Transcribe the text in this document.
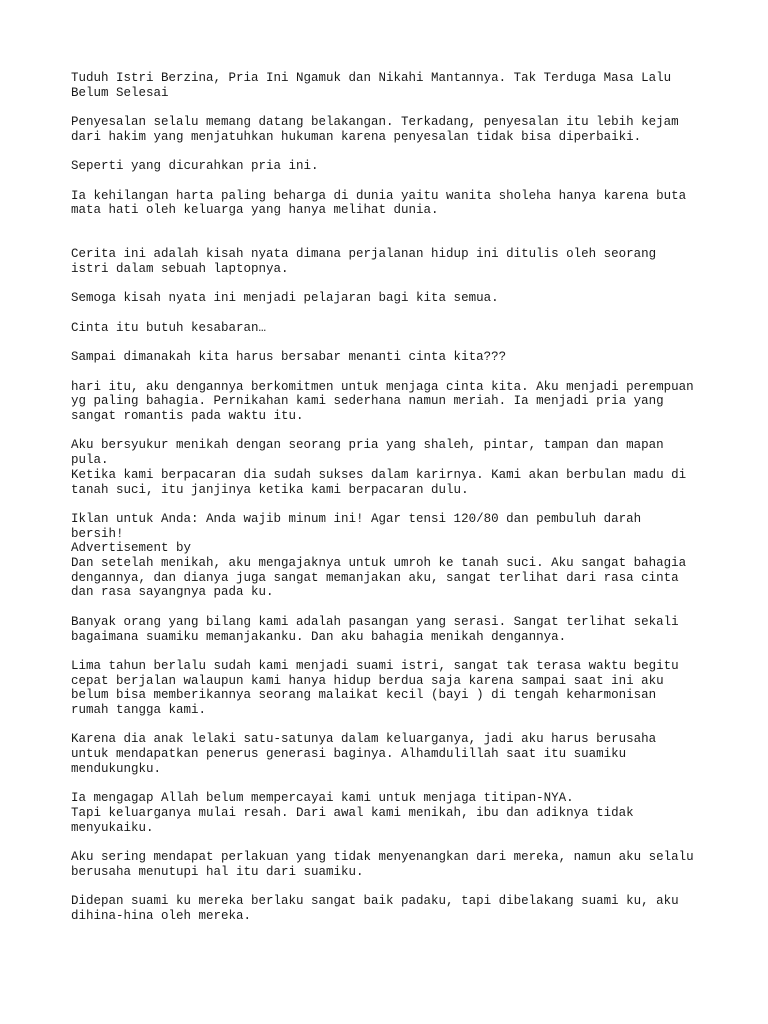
Tuduh Istri Berzina, Pria Ini Ngamuk dan Nikahi Mantannya. Tak Terduga Masa Lalu
Belum Selesai

Penyesalan selalu memang datang belakangan. Terkadang, penyesalan itu lebih kejam
dari hakim yang menjatuhkan hukuman karena penyesalan tidak bisa diperbaiki.

Seperti yang dicurahkan pria ini.

Ia kehilangan harta paling beharga di dunia yaitu wanita sholeha hanya karena buta
mata hati oleh keluarga yang hanya melihat dunia.

Cerita ini adalah kisah nyata dimana perjalanan hidup ini ditulis oleh seorang
istri dalam sebuah laptopnya.

Semoga kisah nyata ini menjadi pelajaran bagi kita semua.

Cinta itu butuh kesabaran…

Sampai dimanakah kita harus bersabar menanti cinta kita???

hari itu, aku dengannya berkomitmen untuk menjaga cinta kita. Aku menjadi perempuan
yg paling bahagia. Pernikahan kami sederhana namun meriah. Ia menjadi pria yang
sangat romantis pada waktu itu.

Aku bersyukur menikah dengan seorang pria yang shaleh, pintar, tampan dan mapan
pula.
Ketika kami berpacaran dia sudah sukses dalam karirnya. Kami akan berbulan madu di
tanah suci, itu janjinya ketika kami berpacaran dulu.

Iklan untuk Anda: Anda wajib minum ini! Agar tensi 120/80 dan pembuluh darah
bersih!
Advertisement by
Dan setelah menikah, aku mengajaknya untuk umroh ke tanah suci. Aku sangat bahagia
dengannya, dan dianya juga sangat memanjakan aku, sangat terlihat dari rasa cinta
dan rasa sayangnya pada ku.

Banyak orang yang bilang kami adalah pasangan yang serasi. Sangat terlihat sekali
bagaimana suamiku memanjakanku. Dan aku bahagia menikah dengannya.

Lima tahun berlalu sudah kami menjadi suami istri, sangat tak terasa waktu begitu
cepat berjalan walaupun kami hanya hidup berdua saja karena sampai saat ini aku
belum bisa memberikannya seorang malaikat kecil (bayi ) di tengah keharmonisan
rumah tangga kami.

Karena dia anak lelaki satu-satunya dalam keluarganya, jadi aku harus berusaha
untuk mendapatkan penerus generasi baginya. Alhamdulillah saat itu suamiku
mendukungku.

Ia mengagap Allah belum mempercayai kami untuk menjaga titipan-NYA.
Tapi keluarganya mulai resah. Dari awal kami menikah, ibu dan adiknya tidak
menyukaiku.

Aku sering mendapat perlakuan yang tidak menyenangkan dari mereka, namun aku selalu
berusaha menutupi hal itu dari suamiku.

Didepan suami ku mereka berlaku sangat baik padaku, tapi dibelakang suami ku, aku
dihina-hina oleh mereka.
